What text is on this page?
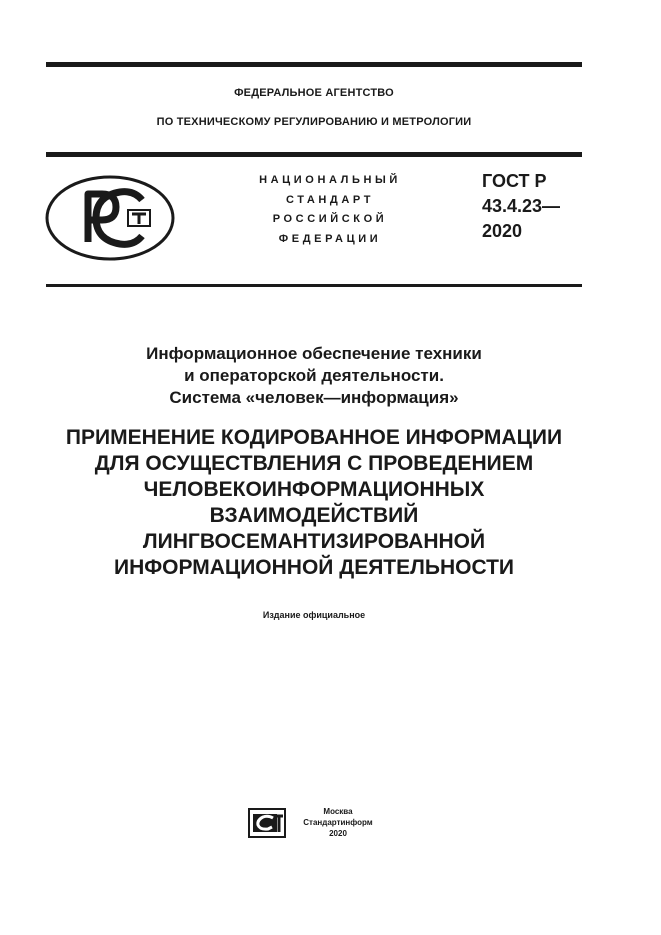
ФЕДЕРАЛЬНОЕ АГЕНТСТВО
ПО ТЕХНИЧЕСКОМУ РЕГУЛИРОВАНИЮ И МЕТРОЛОГИИ
НАЦИОНАЛЬНЫЙ
СТАНДАРТ
РОССИЙСКОЙ
ФЕДЕРАЦИИ
ГОСТ Р
43.4.23—
2020
Информационное обеспечение техники
и операторской деятельности.
Система «человек—информация»
ПРИМЕНЕНИЕ КОДИРОВАННОЕ ИНФОРМАЦИИ
ДЛЯ ОСУЩЕСТВЛЕНИЯ С ПРОВЕДЕНИЕМ
ЧЕЛОВЕКОИНФОРМАЦИОННЫХ
ВЗАИМОДЕЙСТВИЙ
ЛИНГВОСЕМАНТИЗИРОВАННОЙ
ИНФОРМАЦИОННОЙ ДЕЯТЕЛЬНОСТИ
Издание официальное
Москва
Стандартинформ
2020
